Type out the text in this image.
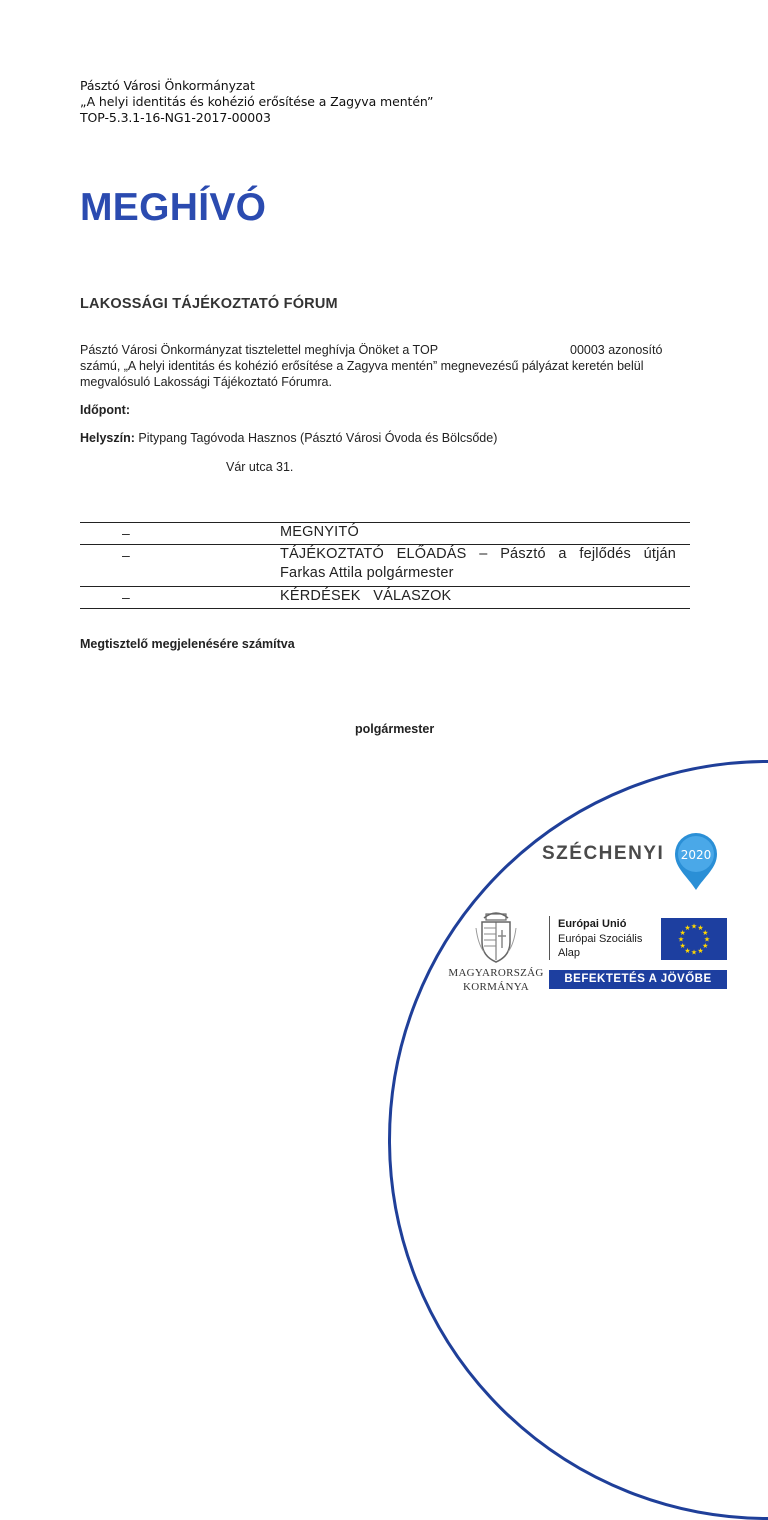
Pásztó Városi Önkormányzat
„A helyi identitás és kohézió erősítése a Zagyva mentén”
TOP-5.3.1-16-NG1-2017-00003
MEGHÍVÓ
LAKOSSÁGI TÁJÉKOZTATÓ FÓRUM
Pásztó Városi Önkormányzat tisztelettel meghívja Önöket a TOP	00003 azonosító
számú, „A helyi identitás és kohézió erősítése a Zagyva mentén” megnevezésű pályázat keretén belül
megvalósuló Lakossági Tájékoztató Fórumra.
Időpont:
Helyszín: Pitypang Tagóvoda Hasznos (Pásztó Városi Óvoda és Bölcsőde)
Vár utca 31.
–	MEGNYITÓ
–	TÁJÉKOZTATÓ   ELŐADÁS   –   Pásztó   a   fejlődés   útján
Farkas Attila polgármester
–	KÉRDÉSEK   VÁLASZOK
Megtisztelő megjelenésére számítva
polgármester
SZÉCHENYI 2020
MAGYARORSZÁG
KORMÁNYA
Európai Unió
Európai Szociális
Alap
★ ★
★
★
★
★
★
★
★
★
★
★
BEFEKTETÉS A JÖVŐBE
